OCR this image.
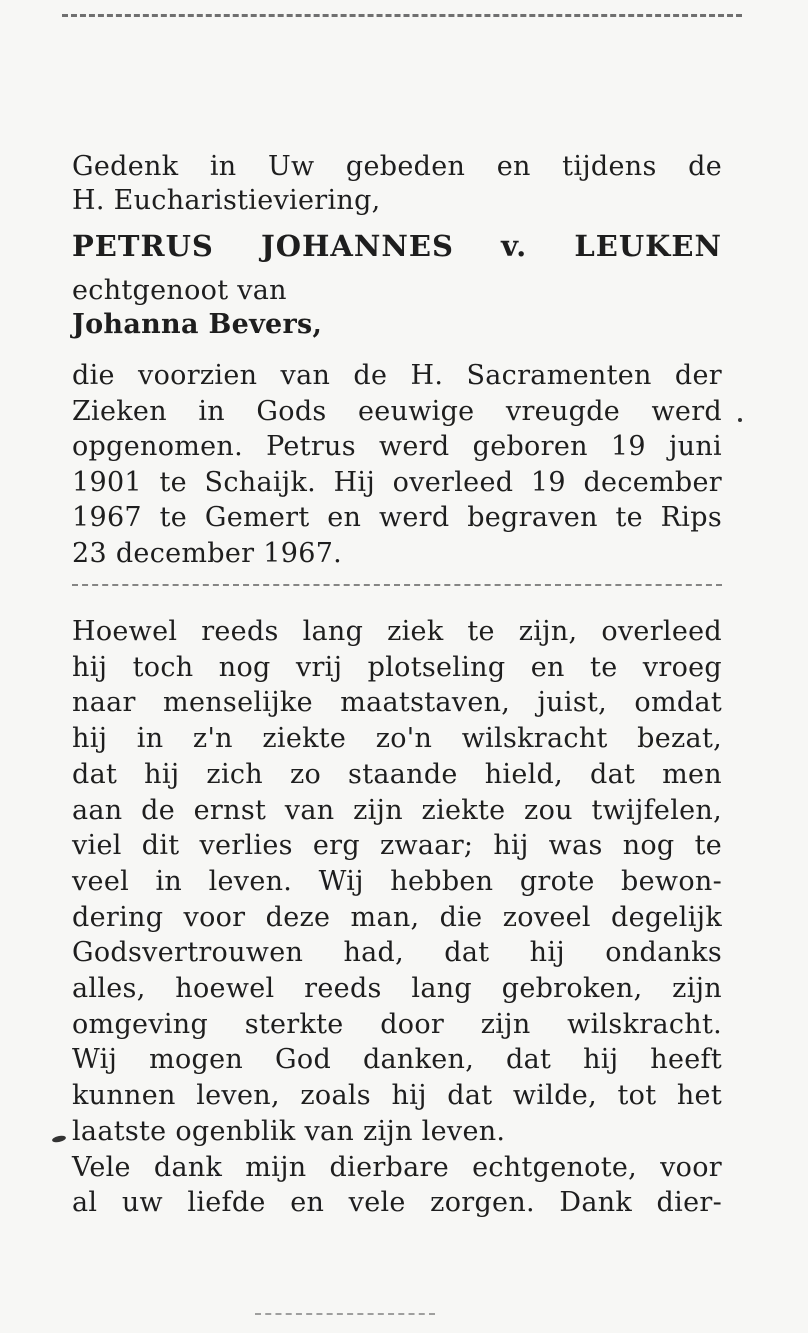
Gedenk in Uw gebeden en tijdens de
H. Eucharistieviering,
PETRUS JOHANNES v. LEUKEN
echtgenoot van
Johanna Bevers,
die voorzien van de H. Sacramenten der
Zieken in Gods eeuwige vreugde werd
opgenomen. Petrus werd geboren 19 juni
1901 te Schaijk. Hij overleed 19 december
1967 te Gemert en werd begraven te Rips
23 december 1967.
Hoewel reeds lang ziek te zijn, overleed
hij toch nog vrij plotseling en te vroeg
naar menselijke maatstaven, juist, omdat
hij in z'n ziekte zo'n wilskracht bezat,
dat hij zich zo staande hield, dat men
aan de ernst van zijn ziekte zou twijfelen,
viel dit verlies erg zwaar; hij was nog te
veel in leven. Wij hebben grote bewon-
dering voor deze man, die zoveel degelijk
Godsvertrouwen had, dat hij ondanks
alles, hoewel reeds lang gebroken, zijn
omgeving sterkte door zijn wilskracht.
Wij mogen God danken, dat hij heeft
kunnen leven, zoals hij dat wilde, tot het
laatste ogenblik van zijn leven.
Vele dank mijn dierbare echtgenote, voor
al uw liefde en vele zorgen. Dank dier-
